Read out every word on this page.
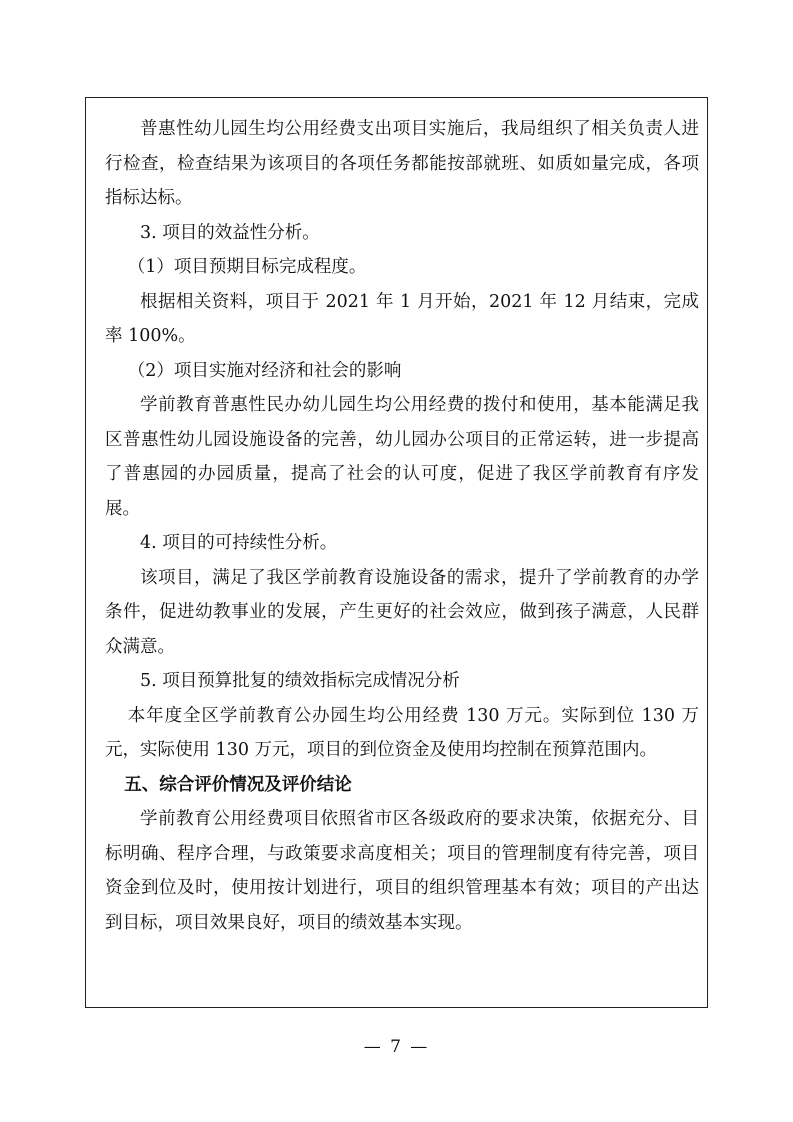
普惠性幼儿园生均公用经费支出项目实施后，我局组织了相关负责人进行检查，检查结果为该项目的各项任务都能按部就班、如质如量完成，各项指标达标。

3. 项目的效益性分析。

（1）项目预期目标完成程度。

根据相关资料，项目于 2021 年 1 月开始，2021 年 12 月结束，完成率 100%。

（2）项目实施对经济和社会的影响

学前教育普惠性民办幼儿园生均公用经费的拨付和使用，基本能满足我区普惠性幼儿园设施设备的完善，幼儿园办公项目的正常运转，进一步提高了普惠园的办园质量，提高了社会的认可度，促进了我区学前教育有序发展。

4. 项目的可持续性分析。

该项目，满足了我区学前教育设施设备的需求，提升了学前教育的办学条件，促进幼教事业的发展，产生更好的社会效应，做到孩子满意，人民群众满意。

5. 项目预算批复的绩效指标完成情况分析

本年度全区学前教育公办园生均公用经费 130 万元。实际到位 130 万元，实际使用 130 万元，项目的到位资金及使用均控制在预算范围内。

五、综合评价情况及评价结论

学前教育公用经费项目依照省市区各级政府的要求决策，依据充分、目标明确、程序合理，与政策要求高度相关；项目的管理制度有待完善，项目资金到位及时，使用按计划进行，项目的组织管理基本有效；项目的产出达到目标，项目效果良好，项目的绩效基本实现。

— 7 —
